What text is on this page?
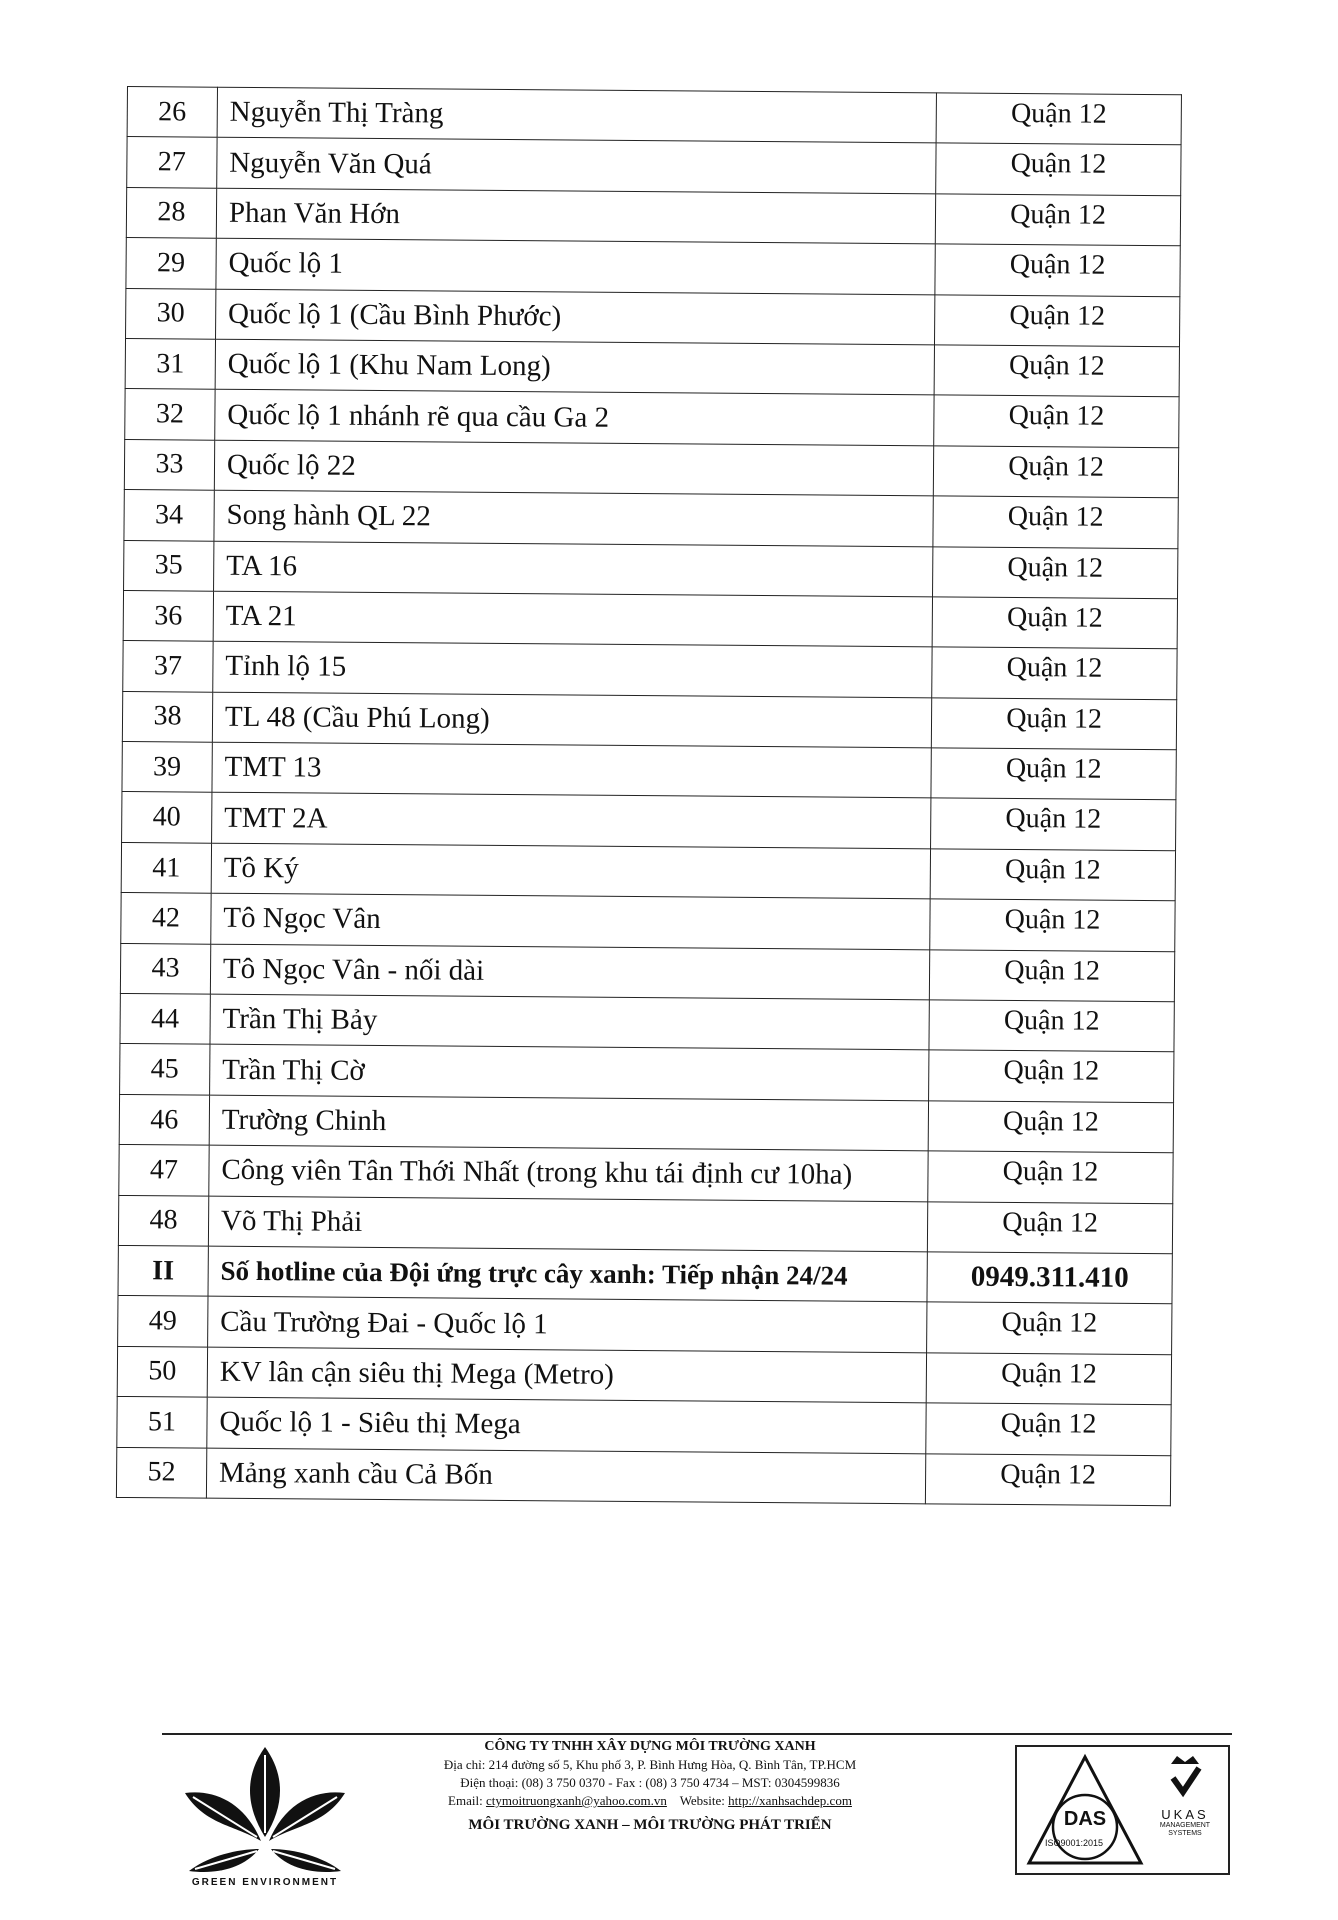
26	Nguyễn Thị Tràng	Quận 12
27	Nguyễn Văn Quá	Quận 12
28	Phan Văn Hớn	Quận 12
29	Quốc lộ 1	Quận 12
30	Quốc lộ 1 (Cầu Bình Phước)	Quận 12
31	Quốc lộ 1 (Khu Nam Long)	Quận 12
32	Quốc lộ 1 nhánh rẽ qua cầu Ga 2	Quận 12
33	Quốc lộ 22	Quận 12
34	Song hành QL 22	Quận 12
35	TA 16	Quận 12
36	TA 21	Quận 12
37	Tỉnh lộ 15	Quận 12
38	TL 48 (Cầu Phú Long)	Quận 12
39	TMT 13	Quận 12
40	TMT 2A	Quận 12
41	Tô Ký	Quận 12
42	Tô Ngọc Vân	Quận 12
43	Tô Ngọc Vân - nối dài	Quận 12
44	Trần Thị Bảy	Quận 12
45	Trần Thị Cờ	Quận 12
46	Trường Chinh	Quận 12
47	Công viên Tân Thới Nhất (trong khu tái định cư 10ha)	Quận 12
48	Võ Thị Phải	Quận 12
II	Số hotline của Đội ứng trực cây xanh: Tiếp nhận 24/24	0949.311.410
49	Cầu Trường Đai - Quốc lộ 1	Quận 12
50	KV lân cận siêu thị Mega (Metro)	Quận 12
51	Quốc lộ 1 - Siêu thị Mega	Quận 12
52	Mảng xanh cầu Cả Bốn	Quận 12
GREEN ENVIRONMENT
CÔNG TY TNHH XÂY DỰNG MÔI TRƯỜNG XANH
Địa chỉ: 214 đường số 5, Khu phố 3, P. Bình Hưng Hòa, Q. Bình Tân, TP.HCM
Điện thoại: (08) 3 750 0370 - Fax : (08) 3 750 4734 – MST: 0304599836
Email: ctymoitruongxanh@yahoo.com.vn Website: http://xanhsachdep.com
MÔI TRƯỜNG XANH – MÔI TRƯỜNG PHÁT TRIỂN	DAS
ISO9001:2015
UKAS
MANAGEMENT SYSTEMS
